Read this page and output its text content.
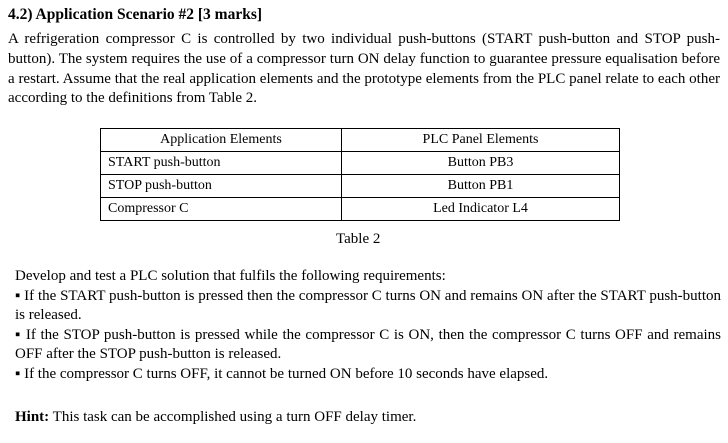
4.2) Application Scenario #2 [3 marks]
A refrigeration compressor C is controlled by two individual push-buttons (START push-button and STOP push-button). The system requires the use of a compressor turn ON delay function to guarantee pressure equalisation before a restart. Assume that the real application elements and the prototype elements from the PLC panel relate to each other according to the definitions from Table 2.
Application Elements	PLC Panel Elements
START push-button	Button PB3
STOP push-button	Button PB1
Compressor C	Led Indicator L4
Table 2

Develop and test a PLC solution that fulfils the following requirements:

▪ If the START push-button is pressed then the compressor C turns ON and remains ON after the START push-button is released.

▪ If the STOP push-button is pressed while the compressor C is ON, then the compressor C turns OFF and remains OFF after the STOP push-button is released.

▪ If the compressor C turns OFF, it cannot be turned ON before 10 seconds have elapsed.

Hint: This task can be accomplished using a turn OFF delay timer.
